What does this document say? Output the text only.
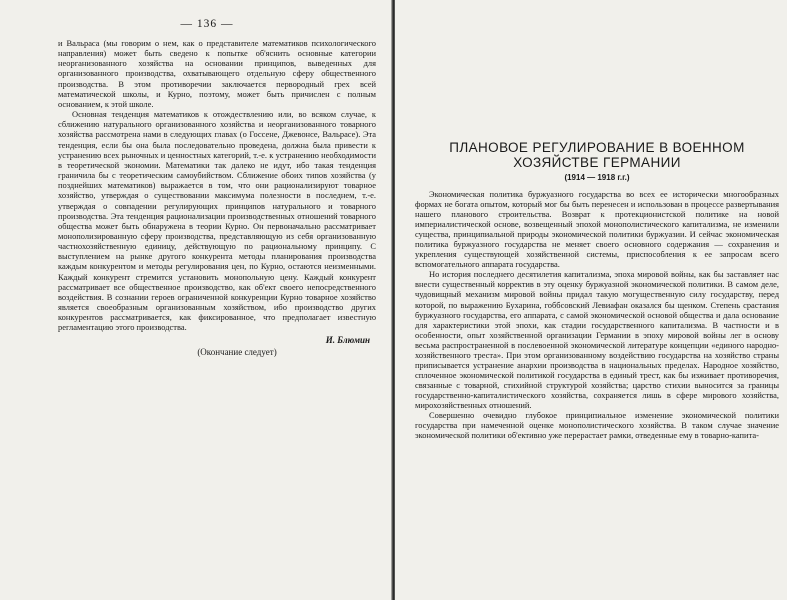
— 136 —

и Вальраса (мы говорим о нем, как о представителе математиков психологического направления) может быть сведено к попытке об'яснить основные категории неорганизованного хозяйства на основании принципов, выведенных для организованного производства, охватывающего отдельную сферу общественного производства. В этом противоречии заключается первородный грех всей математической школы, и Курно, поэтому, может быть причислен с полным основанием, к этой школе.

Основная тенденция математиков к отождествлению или, во всяком случае, к сближению натурального организованного хозяйства и неорганизованного товарного хозяйства рассмотрена нами в следующих главах (о Госсене, Джевонсе, Вальрасе). Эта тенденция, если бы она была последовательно проведена, должна была привести к устранению всех рыночных и ценностных категорий, т.-е. к устранению необходимости в теоретической экономии. Математики так далеко не идут, ибо такая тенденция граничила бы с теоретическим самоубийством. Сближение обоих типов хозяйства (у позднейших математиков) выражается в том, что они рационализируют товарное хозяйство, утверждая о существовании максимума полезности в последнем, т.-е. утверждая о совпадении регулирующих принципов натурального и товарного производства. Эта тенденция рационализации производственных отношений товарного общества может быть обнаружена в теории Курно. Он первоначально рассматривает монополизированную сферу производства, представляющую из себя организованную частнохозяйственную единицу, действующую по рациональному принципу. С выступлением на рынке другого конкурента методы планирования производства каждым конкурентом и методы регулирования цен, по Курно, остаются неизменными. Каждый конкурент стремится установить монопольную цену. Каждый конкурент рассматривает все общественное производство, как об'ект своего непосредственного воздействия. В сознании героев ограниченной конкуренции Курно товарное хозяйство является своеобразным организованным хозяйством, ибо производство других конкурентов рассматривается, как фиксированное, что предполагает известную регламентацию этого производства.

И. Блюмин
(Окончание следует)
ПЛАНОВОЕ РЕГУЛИРОВАНИЕ В ВОЕННОМ
ХОЗЯЙСТВЕ ГЕРМАНИИ
(1914 — 1918 г.г.)

Экономическая политика буржуазного государства во всех ее исторически многообразных формах не богата опытом, который мог бы быть перенесен и использован в процессе развертывания нашего планового строительства. Возврат к протекционистской политике на новой империалистической основе, возвещенный эпохой монополистического капитализма, не изменили существа, принципиальной природы экономической политики буржуазии. И сейчас экономическая политика буржуазного государства не меняет своего основного содержания — сохранения и укрепления существующей хозяйственной системы, приспособления к ее запросам всего вспомогательного аппарата государства.

Но история последнего десятилетия капитализма, эпоха мировой войны, как бы заставляет нас внести существенный корректив в эту оценку буржуазной экономической политики. В самом деле, чудовищный механизм мировой войны придал такую могущественную силу государству, перед которой, по выражению Бухарина, гоббсовский Левиафан оказался бы щенком. Степень срастания буржуазного государства, его аппарата, с самой экономической основой общества и дала основание для характеристики этой эпохи, как стадии государственного капитализма. В частности и в особенности, опыт хозяйственной организации Германии в эпоху мировой войны лег в основу весьма распространенной в послевоенной экономической литературе концепции «единого народно-хозяйственного треста». При этом организованному воздействию государства на хозяйство страны приписывается устранение анархии производства в национальных пределах. Народное хозяйство, сплоченное экономической политикой государства в единый трест, как бы изживает противоречия, связанные с товарной, стихийной структурой хозяйства; царство стихии выносится за границы государственно-капиталистического хозяйства, сохраняется лишь в сфере мирового хозяйства, мирохозяйственных отношений.

Совершенно очевидно глубокое принципиальное изменение экономической политики государства при намеченной оценке монополистического хозяйства. В таком случае значение экономической политики об'ективно уже перерастает рамки, отведенные ему в товарно-капита-
